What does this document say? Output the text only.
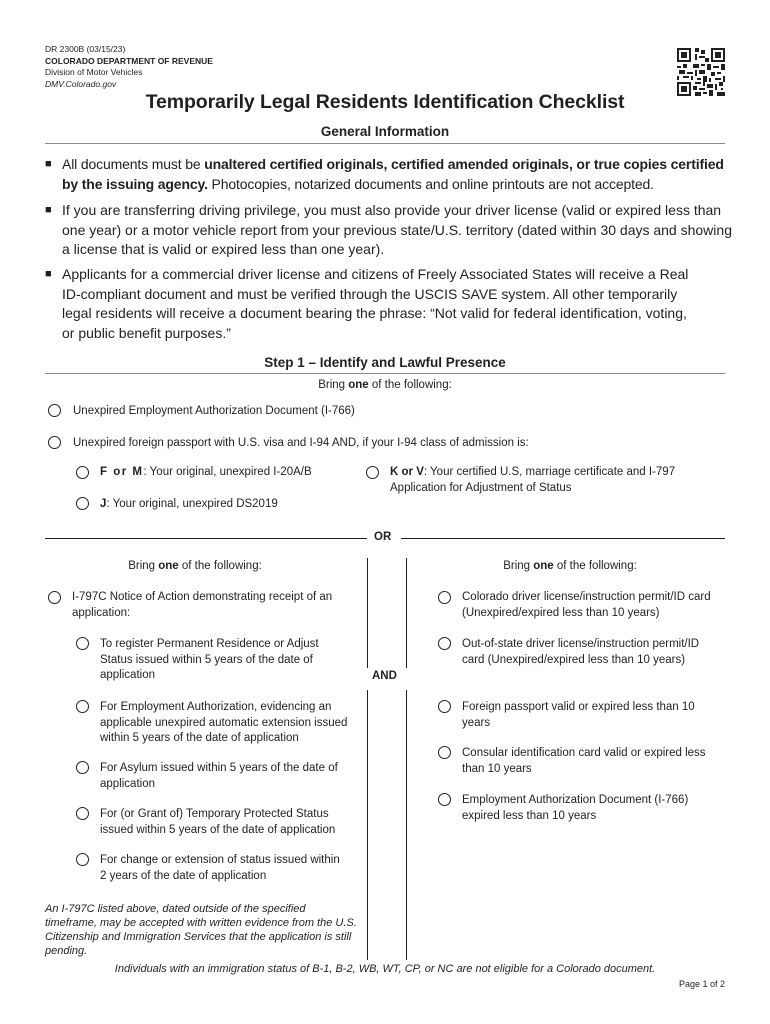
DR 2300B (03/15/23)
COLORADO DEPARTMENT OF REVENUE
Division of Motor Vehicles
DMV.Colorado.gov
Temporarily Legal Residents Identification Checklist
General Information
■ All documents must be unaltered certified originals, certified amended originals, or true copies certified by the issuing agency. Photocopies, notarized documents and online printouts are not accepted.
■ If you are transferring driving privilege, you must also provide your driver license (valid or expired less than one year) or a motor vehicle report from your previous state/U.S. territory (dated within 30 days and showing a license that is valid or expired less than one year).
■ Applicants for a commercial driver license and citizens of Freely Associated States will receive a Real ID-compliant document and must be verified through the USCIS SAVE system. All other temporarily legal residents will receive a document bearing the phrase: “Not valid for federal identification, voting, or public benefit purposes.”
Step 1 – Identify and Lawful Presence
Bring one of the following:
Unexpired Employment Authorization Document (I-766)
Unexpired foreign passport with U.S. visa and I-94 AND, if your I-94 class of admission is:
F or M: Your original, unexpired I-20A/B	K or V: Your certified U.S, marriage certificate and I-797 Application for Adjustment of Status
J: Your original, unexpired DS2019
OR
Bring one of the following:
I-797C Notice of Action demonstrating receipt of an application:
To register Permanent Residence or Adjust Status issued within 5 years of the date of application
For Employment Authorization, evidencing an applicable unexpired automatic extension issued within 5 years of the date of application
For Asylum issued within 5 years of the date of application
For (or Grant of) Temporary Protected Status issued within 5 years of the date of application
For change or extension of status issued within 2 years of the date of application
AND
Bring one of the following:
Colorado driver license/instruction permit/ID card (Unexpired/expired less than 10 years)
Out-of-state driver license/instruction permit/ID card (Unexpired/expired less than 10 years)
Foreign passport valid or expired less than 10 years
Consular identification card valid or expired less than 10 years
Employment Authorization Document (I-766) expired less than 10 years
An I-797C listed above, dated outside of the specified timeframe, may be accepted with written evidence from the U.S. Citizenship and Immigration Services that the application is still pending.
Individuals with an immigration status of B-1, B-2, WB, WT, CP, or NC are not eligible for a Colorado document.
Page 1 of 2
